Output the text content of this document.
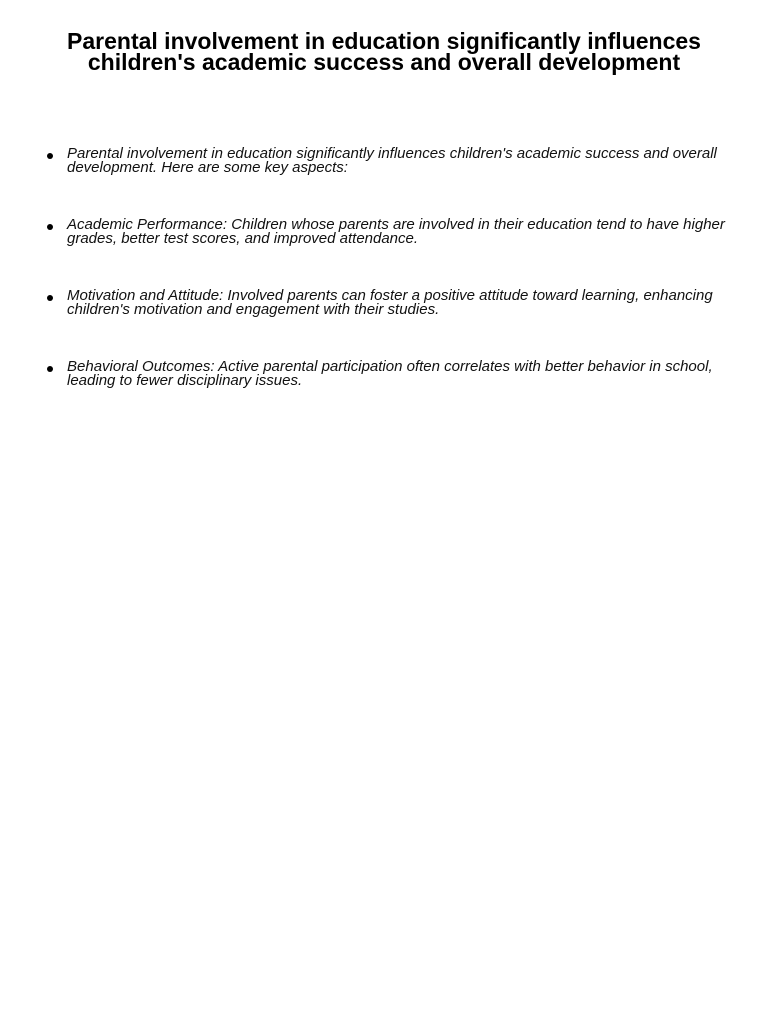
Parental involvement in education significantly influences children's academic success and overall development
Parental involvement in education significantly influences children's academic success and overall development. Here are some key aspects:
Academic Performance: Children whose parents are involved in their education tend to have higher grades, better test scores, and improved attendance.
Motivation and Attitude: Involved parents can foster a positive attitude toward learning, enhancing children's motivation and engagement with their studies.
Behavioral Outcomes: Active parental participation often correlates with better behavior in school, leading to fewer disciplinary issues.
